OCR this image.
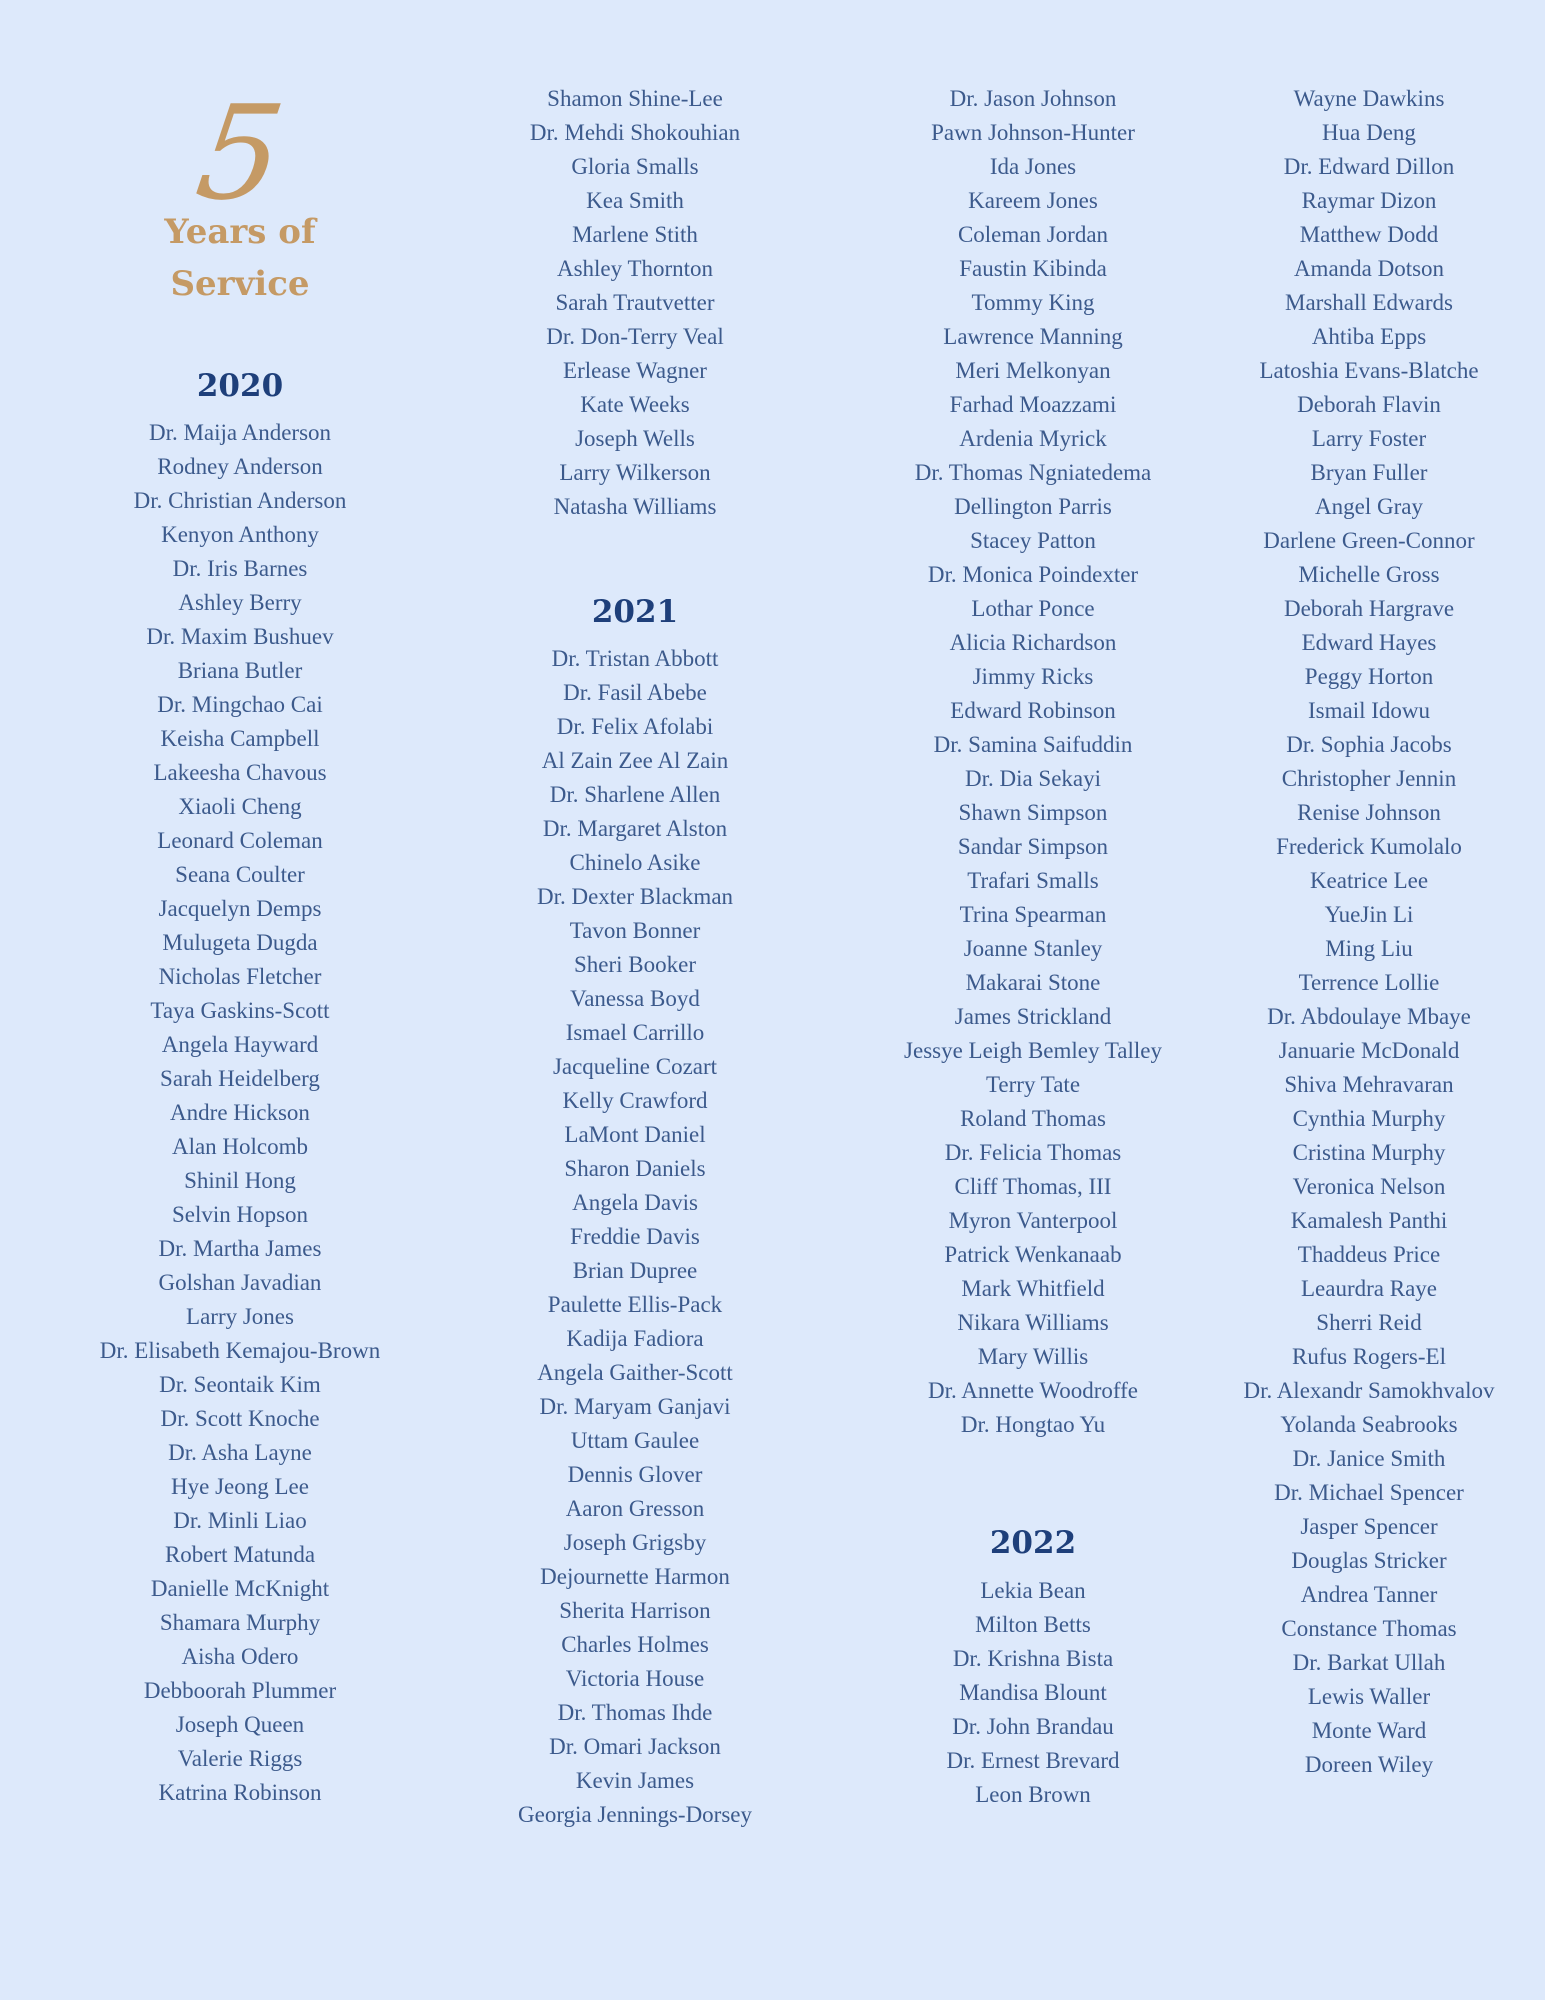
5
Years of
Service
2020
Dr. Maija Anderson
Rodney Anderson
Dr. Christian Anderson
Kenyon Anthony
Dr. Iris Barnes
Ashley Berry
Dr. Maxim Bushuev
Briana Butler
Dr. Mingchao Cai
Keisha Campbell
Lakeesha Chavous
Xiaoli Cheng
Leonard Coleman
Seana Coulter
Jacquelyn Demps
Mulugeta Dugda
Nicholas Fletcher
Taya Gaskins-Scott
Angela Hayward
Sarah Heidelberg
Andre Hickson
Alan Holcomb
Shinil Hong
Selvin Hopson
Dr. Martha James
Golshan Javadian
Larry Jones
Dr. Elisabeth Kemajou-Brown
Dr. Seontaik Kim
Dr. Scott Knoche
Dr. Asha Layne
Hye Jeong Lee
Dr. Minli Liao
Robert Matunda
Danielle McKnight
Shamara Murphy
Aisha Odero
Debboorah Plummer
Joseph Queen
Valerie Riggs
Katrina Robinson
Shamon Shine-Lee
Dr. Mehdi Shokouhian
Gloria Smalls
Kea Smith
Marlene Stith
Ashley Thornton
Sarah Trautvetter
Dr. Don-Terry Veal
Erlease Wagner
Kate Weeks
Joseph Wells
Larry Wilkerson
Natasha Williams
2021
Dr. Tristan Abbott
Dr. Fasil Abebe
Dr. Felix Afolabi
Al Zain Zee Al Zain
Dr. Sharlene Allen
Dr. Margaret Alston
Chinelo Asike
Dr. Dexter Blackman
Tavon Bonner
Sheri Booker
Vanessa Boyd
Ismael Carrillo
Jacqueline Cozart
Kelly Crawford
LaMont Daniel
Sharon Daniels
Angela Davis
Freddie Davis
Brian Dupree
Paulette Ellis-Pack
Kadija Fadiora
Angela Gaither-Scott
Dr. Maryam Ganjavi
Uttam Gaulee
Dennis Glover
Aaron Gresson
Joseph Grigsby
Dejournette Harmon
Sherita Harrison
Charles Holmes
Victoria House
Dr. Thomas Ihde
Dr. Omari Jackson
Kevin James
Georgia Jennings-Dorsey
Dr. Jason Johnson
Pawn Johnson-Hunter
Ida Jones
Kareem Jones
Coleman Jordan
Faustin Kibinda
Tommy King
Lawrence Manning
Meri Melkonyan
Farhad Moazzami
Ardenia Myrick
Dr. Thomas Ngniatedema
Dellington Parris
Stacey Patton
Dr. Monica Poindexter
Lothar Ponce
Alicia Richardson
Jimmy Ricks
Edward Robinson
Dr. Samina Saifuddin
Dr. Dia Sekayi
Shawn Simpson
Sandar Simpson
Trafari Smalls
Trina Spearman
Joanne Stanley
Makarai Stone
James Strickland
Jessye Leigh Bemley Talley
Terry Tate
Roland Thomas
Dr. Felicia Thomas
Cliff Thomas, III
Myron Vanterpool
Patrick Wenkanaab
Mark Whitfield
Nikara Williams
Mary Willis
Dr. Annette Woodroffe
Dr. Hongtao Yu
2022
Lekia Bean
Milton Betts
Dr. Krishna Bista
Mandisa Blount
Dr. John Brandau
Dr. Ernest Brevard
Leon Brown
Wayne Dawkins
Hua Deng
Dr. Edward Dillon
Raymar Dizon
Matthew Dodd
Amanda Dotson
Marshall Edwards
Ahtiba Epps
Latoshia Evans-Blatche
Deborah Flavin
Larry Foster
Bryan Fuller
Angel Gray
Darlene Green-Connor
Michelle Gross
Deborah Hargrave
Edward Hayes
Peggy Horton
Ismail Idowu
Dr. Sophia Jacobs
Christopher Jennin
Renise Johnson
Frederick Kumolalo
Keatrice Lee
YueJin Li
Ming Liu
Terrence Lollie
Dr. Abdoulaye Mbaye
Januarie McDonald
Shiva Mehravaran
Cynthia Murphy
Cristina Murphy
Veronica Nelson
Kamalesh Panthi
Thaddeus Price
Leaurdra Raye
Sherri Reid
Rufus Rogers-El
Dr. Alexandr Samokhvalov
Yolanda Seabrooks
Dr. Janice Smith
Dr. Michael Spencer
Jasper Spencer
Douglas Stricker
Andrea Tanner
Constance Thomas
Dr. Barkat Ullah
Lewis Waller
Monte Ward
Doreen Wiley
